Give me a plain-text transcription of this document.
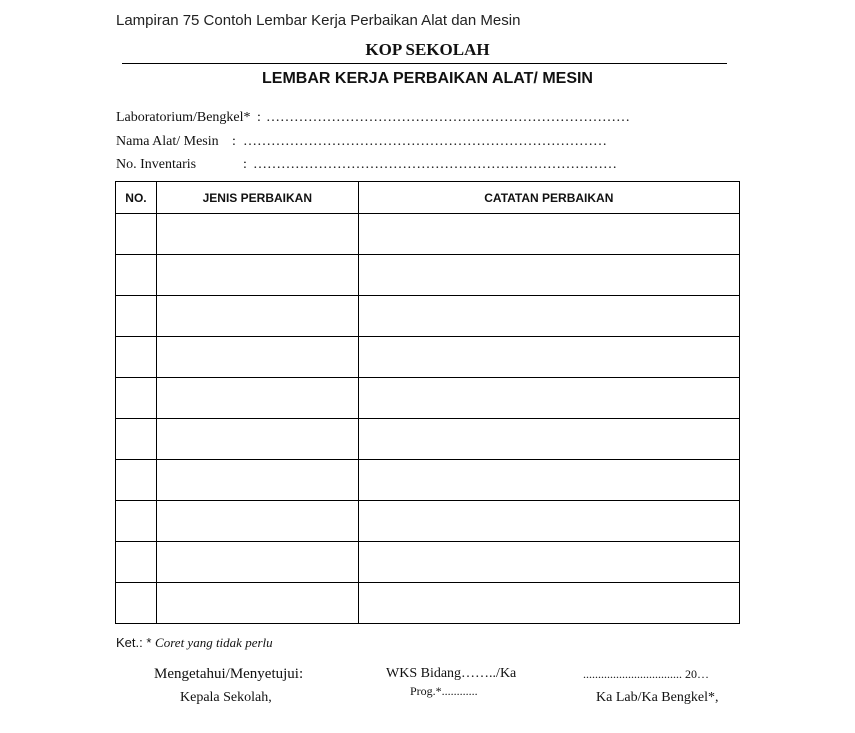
Lampiran 75 Contoh Lembar Kerja Perbaikan Alat dan Mesin
KOP SEKOLAH
LEMBAR KERJA PERBAIKAN ALAT/ MESIN
Laboratorium/Bengkel* : ……………………………………………………………………
Nama Alat/ Mesin : ……………………………………………………………………
No. Inventaris	: ……………………………………………………………………
NO.	JENIS PERBAIKAN	CATATAN PERBAIKAN

Ket.: * Coret yang tidak perlu
Mengetahui/Menyetujui:
Kepala Sekolah,
WKS Bidang……../Ka
Prog.*............
................................. 20…
Ka Lab/Ka Bengkel*,
